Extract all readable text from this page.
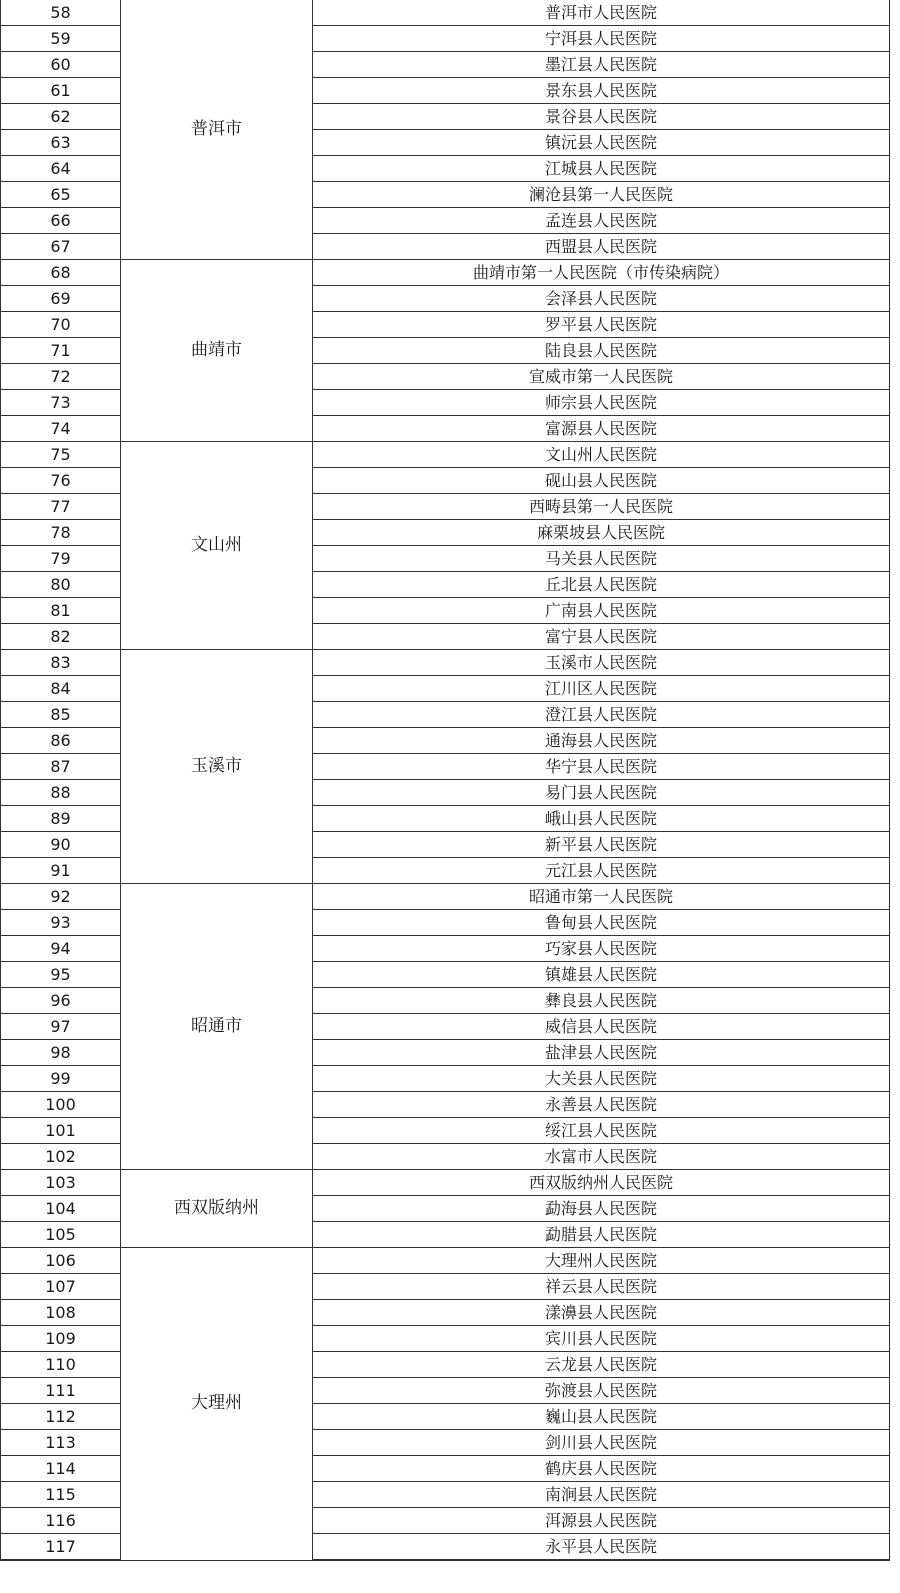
58	普洱市	普洱市人民医院
59		宁洱县人民医院
60		墨江县人民医院
61		景东县人民医院
62		景谷县人民医院
63		镇沅县人民医院
64		江城县人民医院
65		澜沧县第一人民医院
66		孟连县人民医院
67		西盟县人民医院
68	曲靖市	曲靖市第一人民医院（市传染病院）
69		会泽县人民医院
70		罗平县人民医院
71		陆良县人民医院
72		宣威市第一人民医院
73		师宗县人民医院
74		富源县人民医院
75	文山州	文山州人民医院
76		砚山县人民医院
77		西畴县第一人民医院
78		麻栗坡县人民医院
79		马关县人民医院
80		丘北县人民医院
81		广南县人民医院
82		富宁县人民医院
83	玉溪市	玉溪市人民医院
84		江川区人民医院
85		澄江县人民医院
86		通海县人民医院
87		华宁县人民医院
88		易门县人民医院
89		峨山县人民医院
90		新平县人民医院
91		元江县人民医院
92	昭通市	昭通市第一人民医院
93		鲁甸县人民医院
94		巧家县人民医院
95		镇雄县人民医院
96		彝良县人民医院
97		威信县人民医院
98		盐津县人民医院
99		大关县人民医院
100		永善县人民医院
101		绥江县人民医院
102		水富市人民医院
103	西双版纳州	西双版纳州人民医院
104		勐海县人民医院
105		勐腊县人民医院
106	大理州	大理州人民医院
107		祥云县人民医院
108		漾濞县人民医院
109		宾川县人民医院
110		云龙县人民医院
111		弥渡县人民医院
112		巍山县人民医院
113		剑川县人民医院
114		鹤庆县人民医院
115		南涧县人民医院
116		洱源县人民医院
117		永平县人民医院
